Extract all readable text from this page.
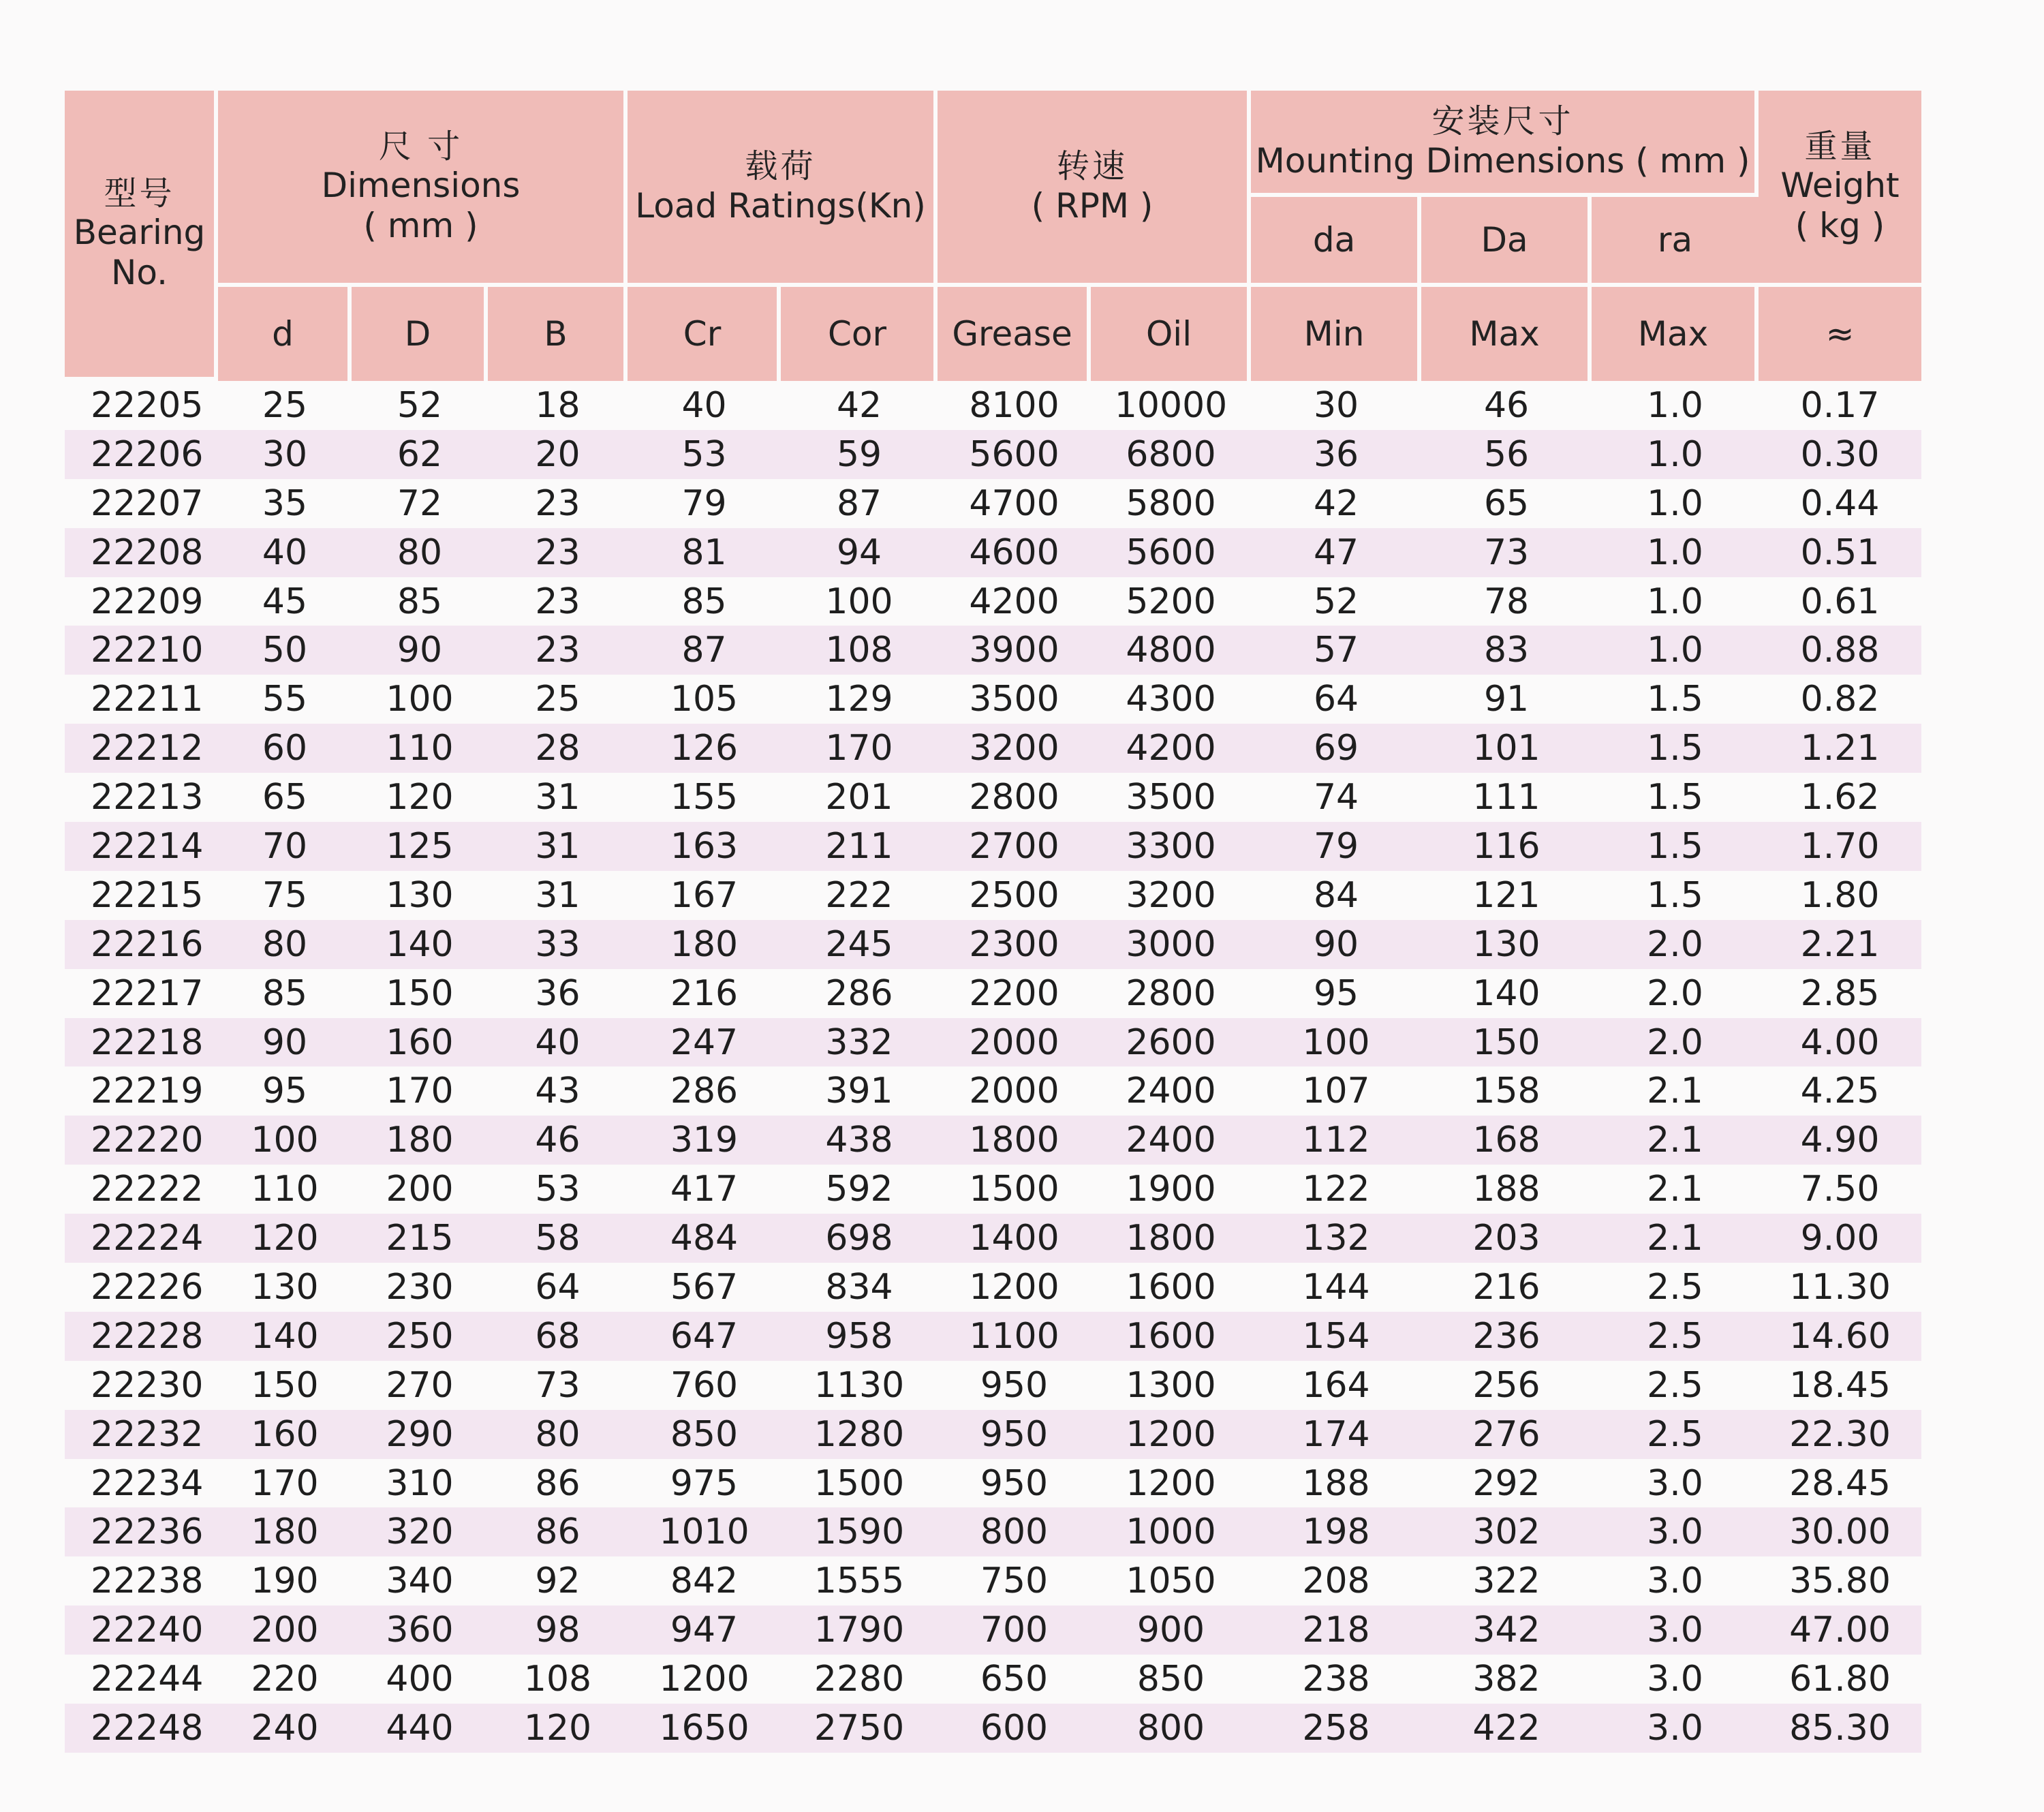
型号
Bearing
No.	尺 寸
Dimensions
( mm )			载荷
Load Ratings(Kn)		转速
( RPM )		安装尺寸
Mounting Dimensions ( mm )			重量
Weight
( kg )

								da	Da	ra	
	d	D	B	Cr	Cor	Grease	Oil	Min	Max	Max	≈
22205	25	52	18	40	42	8100	10000	30	46	1.0	0.17
22206	30	62	20	53	59	5600	6800	36	56	1.0	0.30
22207	35	72	23	79	87	4700	5800	42	65	1.0	0.44
22208	40	80	23	81	94	4600	5600	47	73	1.0	0.51
22209	45	85	23	85	100	4200	5200	52	78	1.0	0.61
22210	50	90	23	87	108	3900	4800	57	83	1.0	0.88
22211	55	100	25	105	129	3500	4300	64	91	1.5	0.82
22212	60	110	28	126	170	3200	4200	69	101	1.5	1.21
22213	65	120	31	155	201	2800	3500	74	111	1.5	1.62
22214	70	125	31	163	211	2700	3300	79	116	1.5	1.70
22215	75	130	31	167	222	2500	3200	84	121	1.5	1.80
22216	80	140	33	180	245	2300	3000	90	130	2.0	2.21
22217	85	150	36	216	286	2200	2800	95	140	2.0	2.85
22218	90	160	40	247	332	2000	2600	100	150	2.0	4.00
22219	95	170	43	286	391	2000	2400	107	158	2.1	4.25
22220	100	180	46	319	438	1800	2400	112	168	2.1	4.90
22222	110	200	53	417	592	1500	1900	122	188	2.1	7.50
22224	120	215	58	484	698	1400	1800	132	203	2.1	9.00
22226	130	230	64	567	834	1200	1600	144	216	2.5	11.30
22228	140	250	68	647	958	1100	1600	154	236	2.5	14.60
22230	150	270	73	760	1130	950	1300	164	256	2.5	18.45
22232	160	290	80	850	1280	950	1200	174	276	2.5	22.30
22234	170	310	86	975	1500	950	1200	188	292	3.0	28.45
22236	180	320	86	1010	1590	800	1000	198	302	3.0	30.00
22238	190	340	92	842	1555	750	1050	208	322	3.0	35.80
22240	200	360	98	947	1790	700	900	218	342	3.0	47.00
22244	220	400	108	1200	2280	650	850	238	382	3.0	61.80
22248	240	440	120	1650	2750	600	800	258	422	3.0	85.30
